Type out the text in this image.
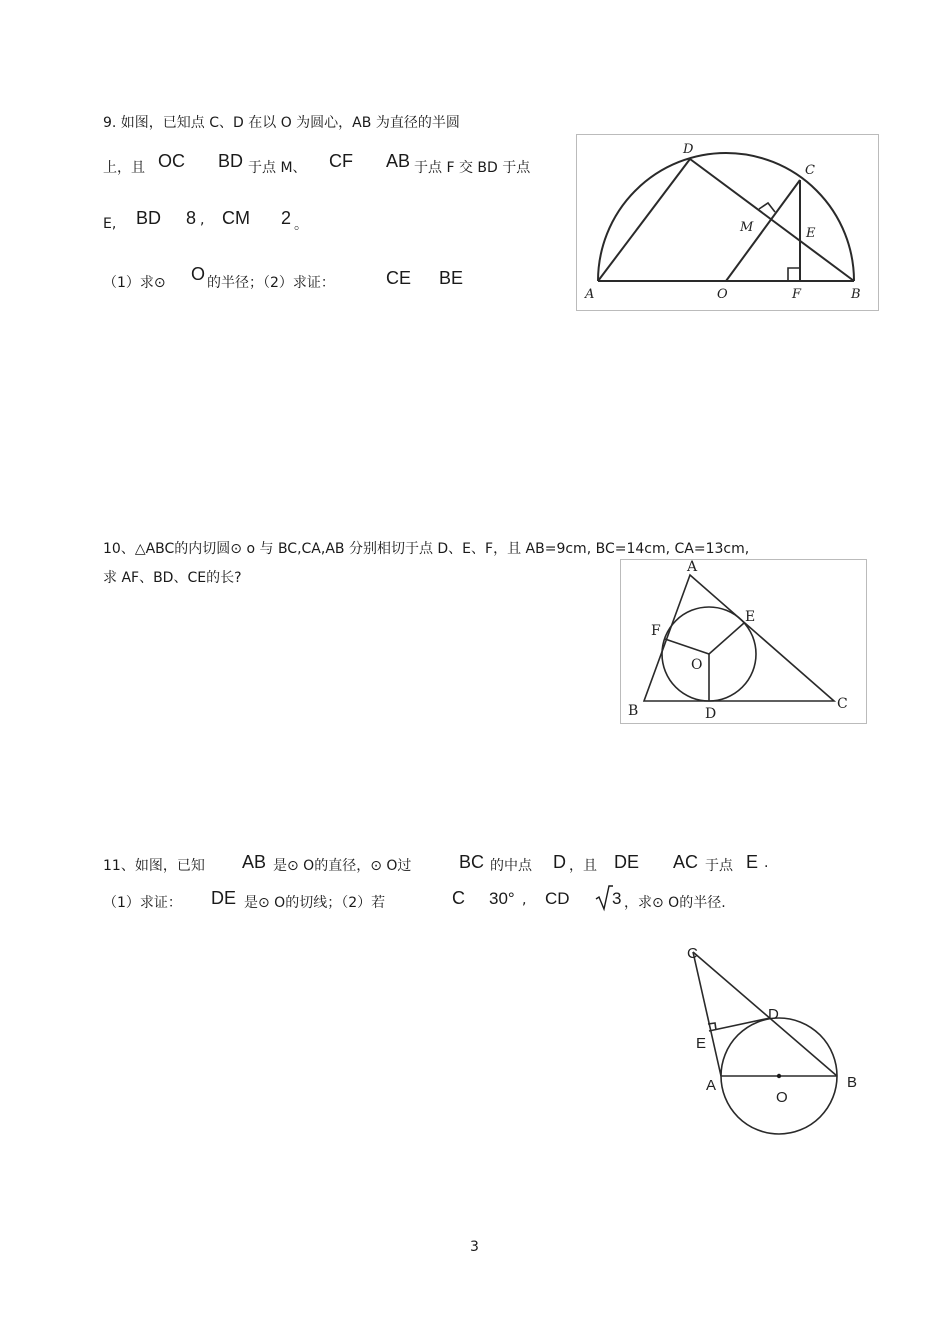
9. 如图，已知点 C、D 在以 O 为圆心，AB 为直径的半圆
上，且 OC BD 于点 M、 CF AB 于点 F 交 BD 于点
E, BD 8 , CM 2 。
（1）求⊙ O 的半径；（2）求证：	CE BE
D
C
M	E
A	O	F	B
10、△ABC的内切圆⊙ o 与 BC,CA,AB 分别相切于点 D、E、F，且 AB=9cm, BC=14cm, CA=13cm,
求 AF、BD、CE的长?
A
E
F
O
B	D
C
11、如图，已知 AB 是⊙ O的直径，⊙ O过	BC 的中点 D ，且 DE AC 于点 E .
（1）求证： DE 是⊙ O的切线；（2）若	C 30° , CD 3 ，求⊙ O的半径.
C
D
E
A
O
B
3
